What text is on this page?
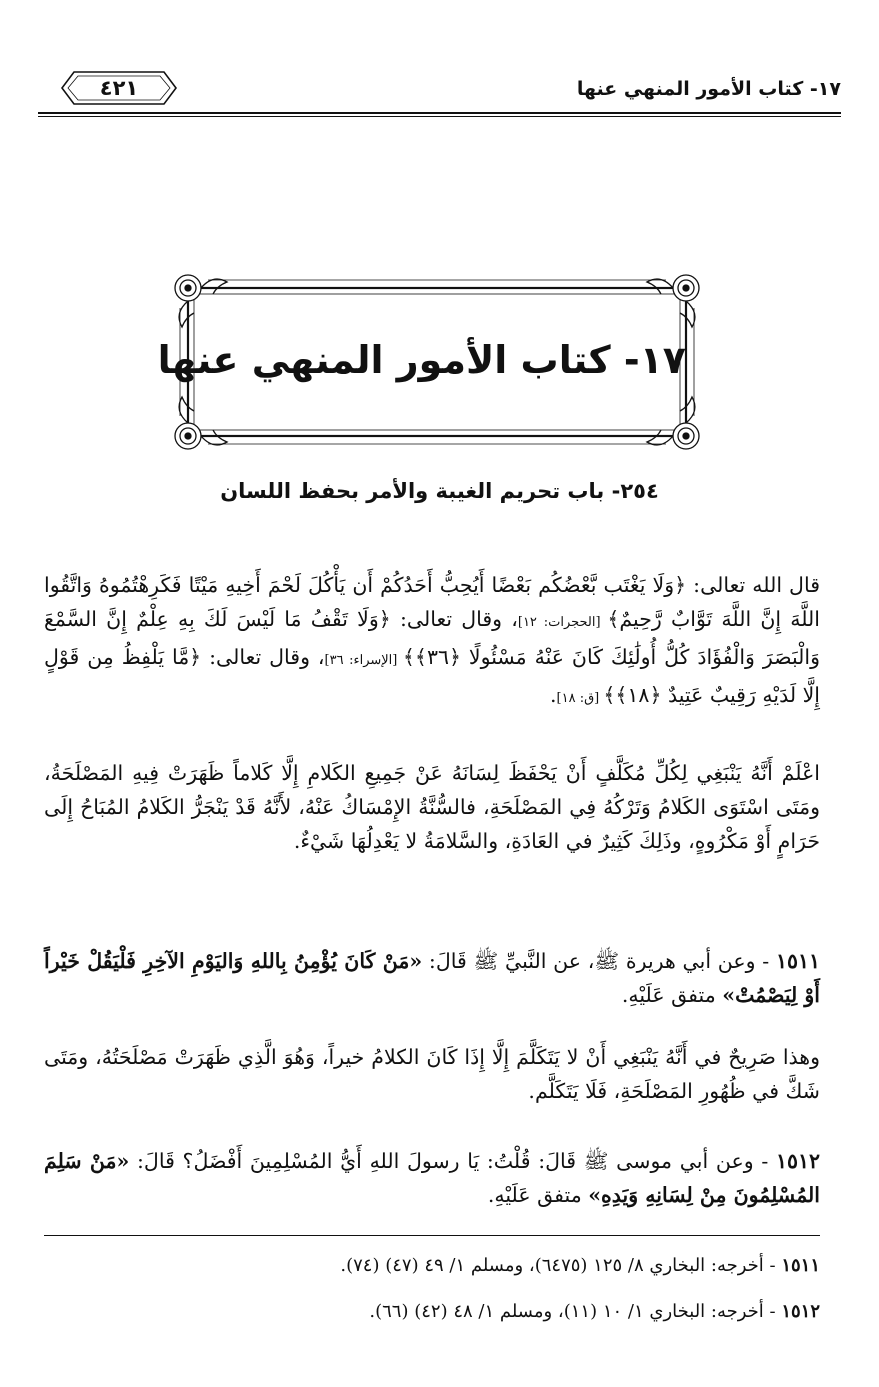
١٧- كتاب الأمور المنهي عنها
٤٢١
١٧- كتاب الأمور المنهي عنها
٢٥٤- باب تحريم الغيبة والأمر بحفظ اللسان
قال الله تعالى: ﴿وَلَا يَغْتَب بَّعْضُكُم بَعْضًا أَيُحِبُّ أَحَدُكُمْ أَن يَأْكُلَ لَحْمَ أَخِيهِ مَيْتًا فَكَرِهْتُمُوهُ وَاتَّقُوا اللَّهَ إِنَّ اللَّهَ تَوَّابٌ رَّحِيمٌ﴾ [الحجرات: ١٢]، وقال تعالى: ﴿وَلَا تَقْفُ مَا لَيْسَ لَكَ بِهِ عِلْمٌ إِنَّ السَّمْعَ وَالْبَصَرَ وَالْفُؤَادَ كُلُّ أُولَٰئِكَ كَانَ عَنْهُ مَسْئُولًا ﴿٣٦﴾﴾ [الإسراء: ٣٦]، وقال تعالى: ﴿مَّا يَلْفِظُ مِن قَوْلٍ إِلَّا لَدَيْهِ رَقِيبٌ عَتِيدٌ ﴿١٨﴾﴾ [ق: ١٨].
اعْلَمْ أَنَّهُ يَنْبَغِي لِكُلِّ مُكَلَّفٍ أَنْ يَحْفَظَ لِسَانَهُ عَنْ جَمِيعِ الكَلامِ إِلَّا كَلاماً ظَهَرَتْ فِيهِ المَصْلَحَةُ، ومَتَى اسْتَوَى الكَلامُ وَتَرْكُهُ فِي المَصْلَحَةِ، فالسُّنَّةُ الإِمْسَاكُ عَنْهُ، لأَنَّهُ قَدْ يَنْجَرُّ الكَلامُ المُبَاحُ إِلَى حَرَامٍ أَوْ مَكْرُوهٍ، وذَلِكَ كَثِيرٌ في العَادَةِ، والسَّلامَةُ لا يَعْدِلُهَا شَيْءٌ.
١٥١١ - وعن أبي هريرة ﷺ، عن النَّبيِّ ﷺ قَالَ: «مَنْ كَانَ يُؤْمِنُ بِاللهِ وَاليَوْمِ الآخِرِ فَلْيَقُلْ خَيْراً أَوْ لِيَصْمُتْ» متفق عَلَيْهِ.
وهذا صَرِيحٌ في أَنَّهُ يَنْبَغِي أَنْ لا يَتَكَلَّمَ إِلَّا إِذَا كَانَ الكلامُ خيراً، وَهُوَ الَّذِي ظَهَرَتْ مَصْلَحَتُهُ، ومَتَى شَكَّ في ظُهُورِ المَصْلَحَةِ، فَلَا يَتَكَلَّم.
١٥١٢ - وعن أبي موسى ﷺ قَالَ: قُلْتُ: يَا رسولَ اللهِ أَيُّ المُسْلِمِينَ أَفْضَلُ؟ قَالَ: «مَنْ سَلِمَ المُسْلِمُونَ مِنْ لِسَانِهِ وَيَدِهِ» متفق عَلَيْهِ.
١٥١١ - أخرجه: البخاري ٨/ ١٢٥ (٦٤٧٥)، ومسلم ١/ ٤٩ (٤٧) (٧٤).
١٥١٢ - أخرجه: البخاري ١/ ١٠ (١١)، ومسلم ١/ ٤٨ (٤٢) (٦٦).
